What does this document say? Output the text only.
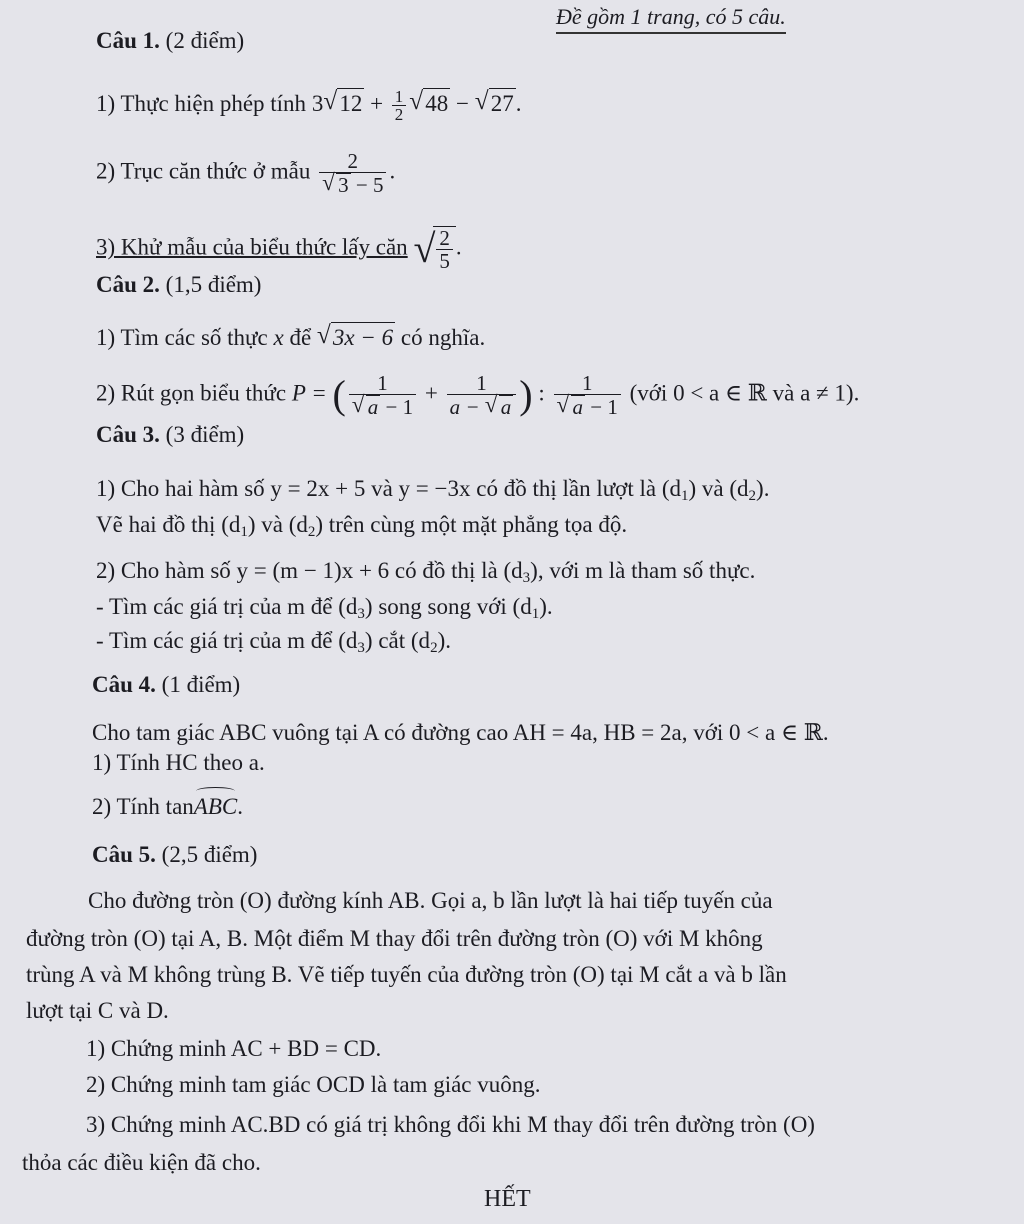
Đề gồm 1 trang, có 5 câu.
Câu 1. (2 điểm)
1) Thực hiện phép tính 3 √ $12 + \frac{1}{2}$ √ 48 − √ 27.
2) Trục căn thức ở mẫu 2
√ 3 − 5 .
3) Khử mẫu của biểu thức lấy căn √ $\frac{2}{5}$ .
Câu 2. (1,5 điểm)
1) Tìm các số thực x để √ 3x − 6 có nghĩa.
2) Rút gọn biểu thức P = ( 1
√ $a - 1 + \frac{1}{a - √ a}$ ) : 1
√ a − 1 (với 0 < a ∈ ℝ và a ≠ 1).
Câu 3. (3 điểm)
1) Cho hai hàm số y = 2x + 5 và y = −3x có đồ thị lần lượt là $(d_1)$ và $(d_2)$.
Vẽ hai đồ thị $(d_1)$ và $(d_2)$ trên cùng một mặt phẳng tọa độ.
2) Cho hàm số y = (m − 1)x + 6 có đồ thị là $(d_3)$, với m là tham số thực.
- Tìm các giá trị của m để $(d_3)$ song song với $(d_1)$.
- Tìm các giá trị của m để $(d_3)$ cắt $(d_2)$.
Câu 4. (1 điểm)
Cho tam giác ABC vuông tại A có đường cao AH = 4a, HB = 2a, với 0 < a ∈ ℝ.
1) Tính HC theo a.
2) Tính tanABC.
Câu 5. (2,5 điểm)
Cho đường tròn (O) đường kính AB. Gọi a, b lần lượt là hai tiếp tuyến của
đường tròn (O) tại A, B. Một điểm M thay đổi trên đường tròn (O) với M không
trùng A và M không trùng B. Vẽ tiếp tuyến của đường tròn (O) tại M cắt a và b lần
lượt tại C và D.
1) Chứng minh AC + BD = CD.
2) Chứng minh tam giác OCD là tam giác vuông.
3) Chứng minh AC.BD có giá trị không đổi khi M thay đổi trên đường tròn (O)
thỏa các điều kiện đã cho.
HẾT
